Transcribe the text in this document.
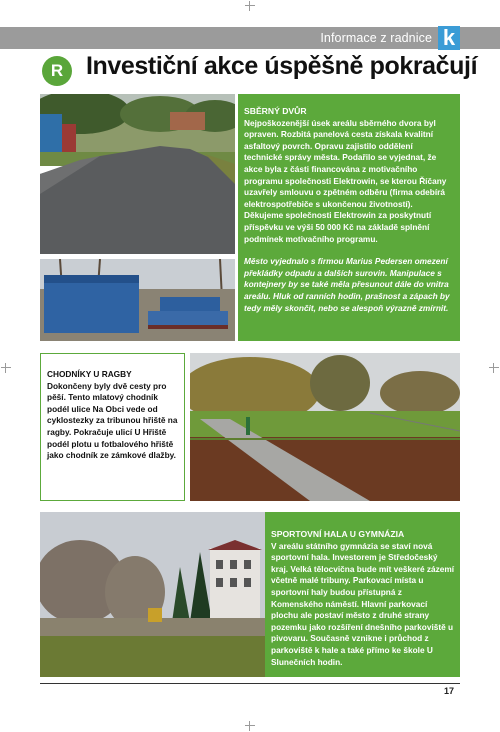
Informace z radnice k
R Investiční akce úspěšně pokračují
SBĚRNÝ DVŮR
Nejpoškozenější úsek areálu sběrného dvora byl opraven. Rozbitá panelová cesta získala kvalitní asfaltový povrch. Opravu zajistilo oddělení technické správy města. Podařilo se vyjednat, že akce byla z části financována z motivačního programu společnosti Elektrowin, se kterou Říčany uzavřely smlouvu o zpětném odběru (firma odebírá elektrospotřebiče s ukončenou životností).
Děkujeme společnosti Elektrowin za poskytnutí příspěvku ve výši 50 000 Kč na základě splnění podmínek motivačního programu.
Město vyjednalo s firmou Marius Pedersen omezení překládky odpadu a dalších surovin. Manipulace s kontejnery by se také měla přesunout dále do vnitra areálu. Hluk od ranních hodin, prašnost a zápach by tedy měly skončit, nebo se alespoň výrazně zmírnit.
CHODNÍKY U RAGBY
Dokončeny byly dvě cesty pro pěší. Tento mlatový chodník podél ulice Na Obci vede od cyklostezky za tribunou hřiště na ragby. Pokračuje ulicí U Hřiště podél plotu u fotbalového hřiště jako chodník ze zámkové dlažby.
SPORTOVNÍ HALA U GYMNÁZIA
V areálu státního gymnázia se staví nová sportovní hala. Investorem je Středočeský kraj. Velká tělocvična bude mít veškeré zázemí včetně malé tribuny. Parkovací místa u sportovní haly budou přístupná z Komenského náměstí. Hlavní parkovací plochu ale postaví město z druhé strany pozemku jako rozšíření dnešního parkoviště u pivovaru. Současně vznikne i průchod z parkoviště k hale a také přímo ke škole U Slunečních hodin.
17
